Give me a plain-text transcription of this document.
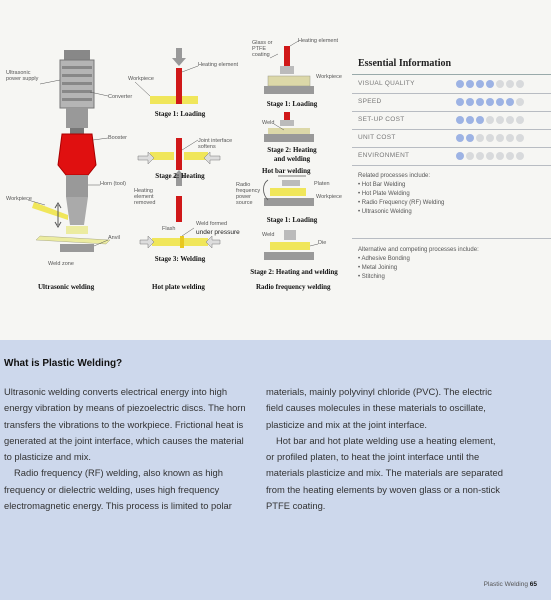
Ultrasonic power supply
Converter
Booster
Horn (tool)
Workpiece
Anvil
Weld zone
Ultrasonic welding
Workpiece
Heating element
Stage 1: Loading
Joint interface softens
Stage 2: Heating
Heating element removed
Flash
Weld formed
under pressure
Stage 3: Welding
Hot plate welding
Glass or PTFE coating
Heating element
Workpiece
Stage 1: Loading
Weld
Stage 2: Heating
and welding
Hot bar welding
Radio frequency power source
Platen
Workpiece
Stage 1: Loading
Weld
Die
Stage 2: Heating and welding
Radio frequency welding
Essential Information
VISUAL QUALITY
SPEED
SET-UP COST
UNIT COST
ENVIRONMENT
Related processes include:
• Hot Bar Welding
• Hot Plate Welding
• Radio Frequency (RF) Welding
• Ultrasonic Welding
Alternative and competing processes include:
• Adhesive Bonding
• Metal Joining
• Stitching
What is Plastic Welding?

Ultrasonic welding converts electrical energy into high energy vibration by means of piezoelectric discs. The horn transfers the vibrations to the workpiece. Frictional heat is generated at the joint interface, which causes the material to plasticize and mix.

Radio frequency (RF) welding, also known as high frequency or dielectric welding, uses high frequency electromagnetic energy. This process is limited to polar

materials, mainly polyvinyl chloride (PVC). The electric field causes molecules in these materials to oscillate, plasticize and mix at the joint interface.

Hot bar and hot plate welding use a heating element, or profiled platen, to heat the joint interface until the materials plasticize and mix. The materials are separated from the heating elements by woven glass or a non-stick PTFE coating.

Plastic Welding 65
